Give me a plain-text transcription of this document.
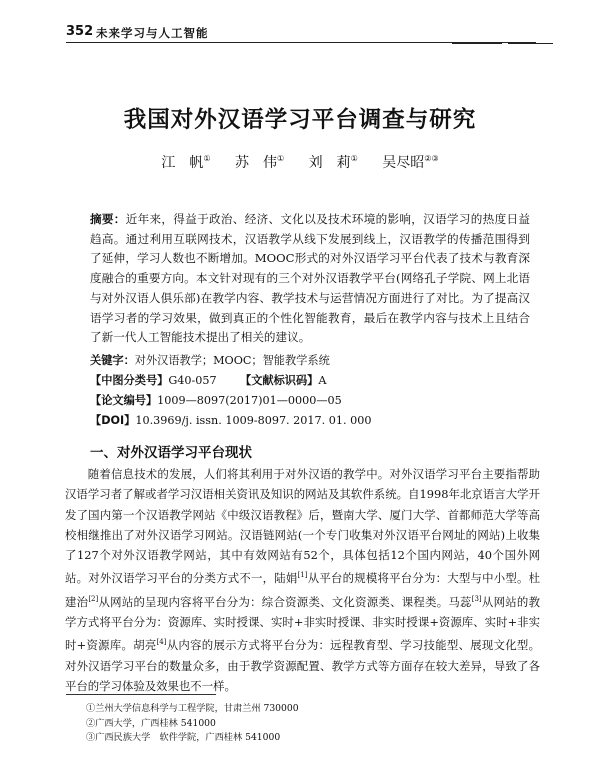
352 未来学习与人工智能
我国对外汉语学习平台调查与研究
江　帆① 苏　伟① 刘　莉① 吴尽昭②③
摘要：近年来，得益于政治、经济、文化以及技术环境的影响，汉语学习的热度日益趋高。通过利用互联网技术，汉语教学从线下发展到线上，汉语教学的传播范围得到了延伸，学习人数也不断增加。MOOC形式的对外汉语学习平台代表了技术与教育深度融合的重要方向。本文针对现有的三个对外汉语教学平台(网络孔子学院、网上北语与对外汉语人俱乐部)在教学内容、教学技术与运营情况方面进行了对比。为了提高汉语学习者的学习效果，做到真正的个性化智能教育，最后在教学内容与技术上且结合了新一代人工智能技术提出了相关的建议。
关键字：对外汉语教学；MOOC；智能教学系统
【中图分类号】G40-057 【文献标识码】A
【论文编号】1009—8097(2017)01—0000—05
【DOI】10.3969/j. issn. 1009-8097. 2017. 01. 000
一、对外汉语学习平台现状
随着信息技术的发展，人们将其利用于对外汉语的教学中。对外汉语学习平台主要指帮助汉语学习者了解或者学习汉语相关资讯及知识的网站及其软件系统。自1998年北京语言大学开发了国内第一个汉语教学网站《中级汉语教程》后，暨南大学、厦门大学、首都师范大学等高校相继推出了对外汉语学习网站。汉语链网站(一个专门收集对外汉语平台网址的网站)上收集了127个对外汉语教学网站，其中有效网站有52个，具体包括12个国内网站，40个国外网站。对外汉语学习平台的分类方式不一，陆娟[1]从平台的规模将平台分为：大型与中小型。杜建治[2]从网站的呈现内容将平台分为：综合资源类、文化资源类、课程类。马蕊[3]从网站的教学方式将平台分为：资源库、实时授课、实时+非实时授课、非实时授课+资源库、实时+非实时+资源库。胡亮[4]从内容的展示方式将平台分为：远程教育型、学习技能型、展现文化型。对外汉语学习平台的数量众多，由于教学资源配置、教学方式等方面存在较大差异，导致了各平台的学习体验及效果也不一样。
①兰州大学信息科学与工程学院，甘肃兰州 730000
②广西大学，广西桂林 541000
③广西民族大学　软件学院，广西桂林 541000
